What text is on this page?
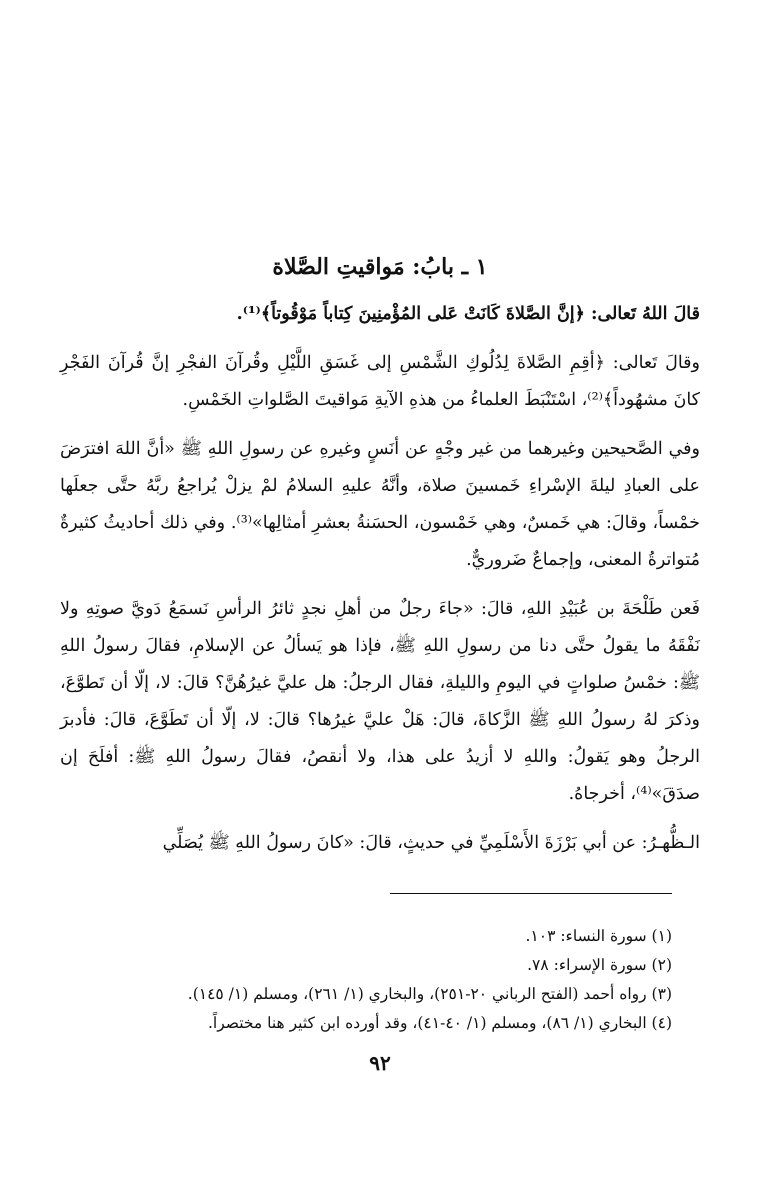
١ ـ بابُ: مَواقيتِ الصَّلاة

قالَ اللهُ تَعالى: ﴿إنَّ الصَّلاةَ كَانَتْ عَلى المُؤْمنِينَ كِتاباً مَوْقُوتاً﴾⁽¹⁾.

وقالَ تَعالى: ﴿أقِمِ الصَّلاةَ لِدُلُوكِ الشَّمْسِ إلى غَسَقِ اللَّيْلِ وقُرآنَ الفجْرِ إنَّ قُرآنَ الفَجْرِ كانَ مشهُوداً﴾⁽²⁾، اسْتَنْبَطَ العلماءُ من هذهِ الآيةِ مَواقيتَ الصَّلواتِ الخَمْسِ.

وفي الصَّحيحين وغيرهما من غير وجْهٍ عن أنَسٍ وغيرهِ عن رسولِ اللهِ ﷺ «أنَّ اللهَ افترَضَ على العبادِ ليلةَ الإسْراءِ خَمسينَ صلاة، وأنَّهُ عليهِ السلامُ لمْ يزلْ يُراجعُ ربَّهُ حتَّى جعلَها خمْساً، وقالَ: هي خَمسٌ، وهي خَمْسون، الحسَنةُ بعشرِ أمثالِها»⁽³⁾. وفي ذلك أحاديثُ كثيرةٌ مُتواترةُ المعنى، وإجماعٌ ضَروريٌّ.

فَعن طَلْحَةَ بن عُبَيْدِ اللهِ، قالَ: «جاءَ رجلٌ من أهلِ نجدٍ ثائرُ الرأسِ نَسمَعُ دَويَّ صوتِهِ ولا نَفْقَهُ ما يقولُ حتَّى دنا من رسولِ اللهِ ﷺ، فإذا هو يَسألُ عن الإسلامِ، فقالَ رسولُ اللهِ ﷺ: خمْسُ صلواتٍ في اليومِ والليلةِ، فقال الرجلُ: هل عليَّ غيرُهُنَّ؟ قالَ: لا، إلّا أن تَطوَّعَ، وذكرَ لهُ رسولُ اللهِ ﷺ الزَّكاةَ، قالَ: هَلْ عليَّ غيرُها؟ قالَ: لا، إلّا أن تَطَوَّعَ، قالَ: فأدبرَ الرجلُ وهو يَقولُ: واللهِ لا أزيدُ على هذا، ولا أنقصُ، فقالَ رسولُ اللهِ ﷺ: أفلَحَ إن صدَقَ»⁽⁴⁾، أخرجاهُ.

الـظُّهـرُ: عن أبي بَرْزَةَ الأَسْلَمِيِّ في حديثٍ، قالَ: «كانَ رسولُ اللهِ ﷺ يُصَلِّي

(١) سورة النساء: ١٠٣.

(٢) سورة الإسراء: ٧٨.

(٣) رواه أحمد (الفتح الرباني ٢٠-٢٥١)، والبخاري (١/ ٢٦١)، ومسلم (١/ ١٤٥).

(٤) البخاري (١/ ٨٦)، ومسلم (١/ ٤٠-٤١)، وقد أورده ابن كثير هنا مختصراً.

٩٢
